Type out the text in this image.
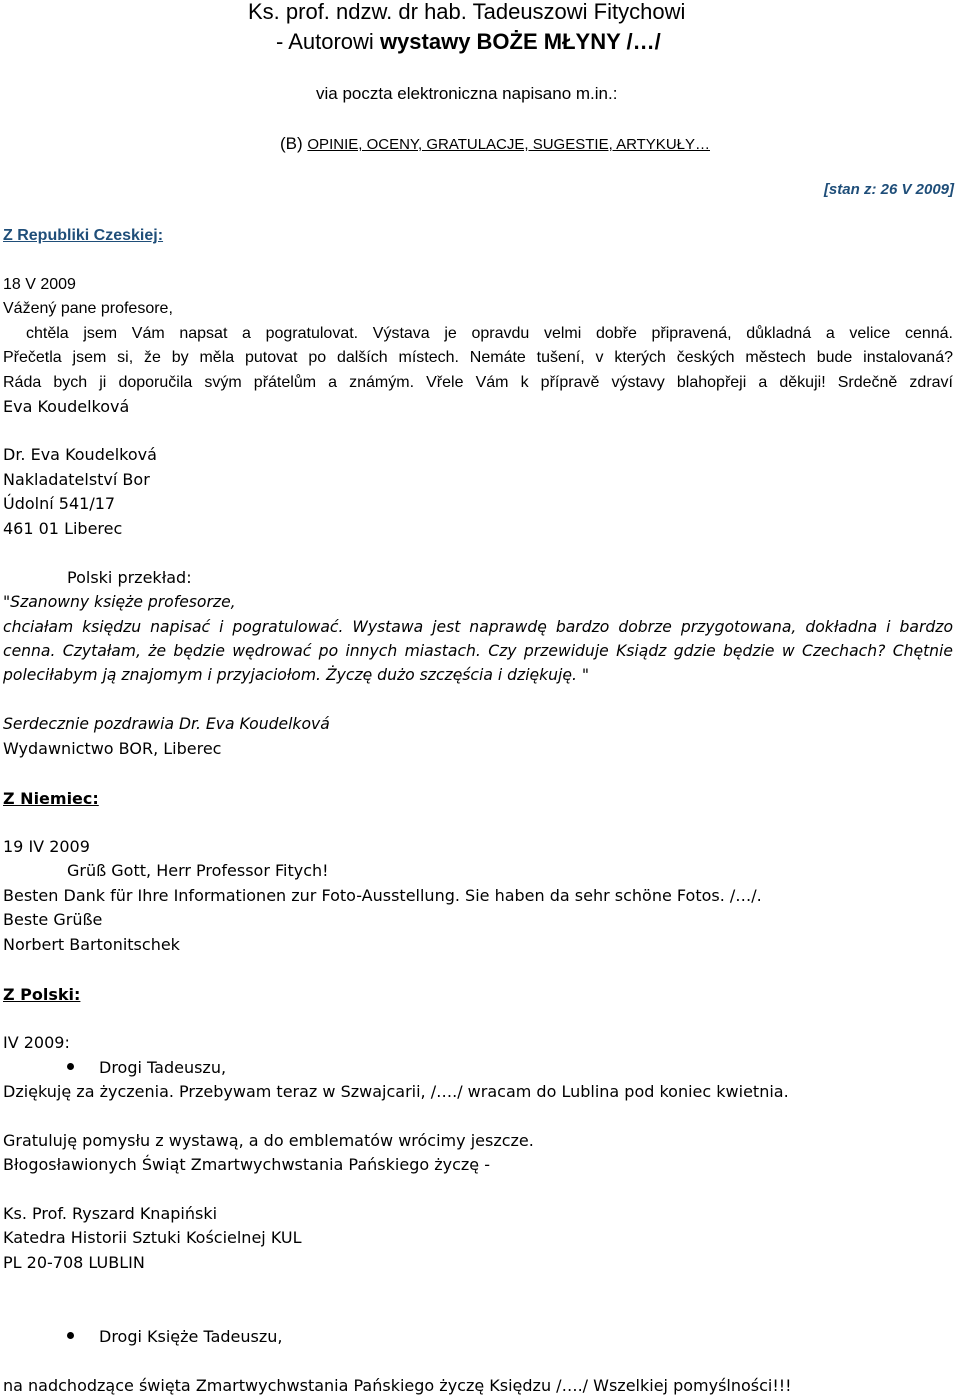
Ks. prof. ndzw. dr hab. Tadeuszowi Fitychowi
- Autorowi wystawy BOŻE MŁYNY /…/
via poczta elektroniczna napisano m.in.:
(B) OPINIE, OCENY, GRATULACJE, SUGESTIE, ARTYKUŁY…
[stan z: 26 V 2009]
Z Republiki Czeskiej:
18 V 2009
Vážený pane profesore,
chtěla jsem Vám napsat a pogratulovat. Výstava je opravdu velmi dobře připravená, důkladná a velice cenná.
Přečetla jsem si, že by měla putovat po dalších místech. Nemáte tušení, v kterých českých městech bude instalovaná?
Ráda bych ji doporučila svým přátelům a známým. Vřele Vám k přípravě výstavy blahopřeji a děkuji! Srdečně zdraví
Eva Koudelková
Dr. Eva Koudelková
Nakladatelství Bor
Údolní 541/17
461 01 Liberec
Polski przekład:
"Szanowny księże profesorze,
chciałam księdzu napisać i pogratulować. Wystawa jest naprawdę bardzo dobrze przygotowana, dokładna i bardzo
cenna. Czytałam, że będzie wędrować po innych miastach. Czy przewiduje Ksiądz gdzie będzie w Czechach? Chętnie
poleciłabym ją znajomym i przyjaciołom. Życzę dużo szczęścia i dziękuję. "
Serdecznie pozdrawia Dr. Eva Koudelková
Wydawnictwo BOR, Liberec
Z Niemiec:
19 IV 2009
Grüß Gott, Herr Professor Fitych!
Besten Dank für Ihre Informationen zur Foto-Ausstellung. Sie haben da sehr schöne Fotos. /…/.
Beste Grüße
Norbert Bartonitschek
Z Polski:
IV 2009:
Drogi Tadeuszu,
Dziękuję za życzenia. Przebywam teraz w Szwajcarii, /…./ wracam do Lublina pod koniec kwietnia.
Gratuluję pomysłu z wystawą, a do emblematów wrócimy jeszcze.
Błogosławionych Świąt Zmartwychwstania Pańskiego życzę -
Ks. Prof. Ryszard Knapiński
Katedra Historii Sztuki Kościelnej KUL
PL 20-708 LUBLIN
Drogi Księże Tadeuszu,
na nadchodzące święta Zmartwychwstania Pańskiego życzę Księdzu /…./ Wszelkiej pomyślności!!!
